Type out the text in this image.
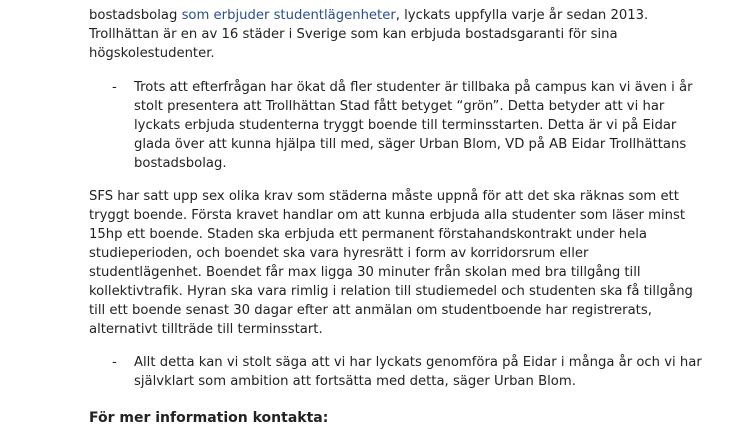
bostadsbolag som erbjuder studentlägenheter, lyckats uppfylla varje år sedan 2013.
Trollhättan är en av 16 städer i Sverige som kan erbjuda bostadsgaranti för sina
högskolestudenter.
- Trots att efterfrågan har ökat då fler studenter är tillbaka på campus kan vi även i år
stolt presentera att Trollhättan Stad fått betyget “grön”. Detta betyder att vi har
lyckats erbjuda studenterna tryggt boende till terminsstarten. Detta är vi på Eidar
glada över att kunna hjälpa till med, säger Urban Blom, VD på AB Eidar Trollhättans
bostadsbolag.
SFS har satt upp sex olika krav som städerna måste uppnå för att det ska räknas som ett
tryggt boende. Första kravet handlar om att kunna erbjuda alla studenter som läser minst
15hp ett boende. Staden ska erbjuda ett permanent förstahandskontrakt under hela
studieperioden, och boendet ska vara hyresrätt i form av korridorsrum eller
studentlägenhet. Boendet får max ligga 30 minuter från skolan med bra tillgång till
kollektivtrafik. Hyran ska vara rimlig i relation till studiemedel och studenten ska få tillgång
till ett boende senast 30 dagar efter att anmälan om studentboende har registrerats,
alternativt tillträde till terminsstart.
- Allt detta kan vi stolt säga att vi har lyckats genomföra på Eidar i många år och vi har
självklart som ambition att fortsätta med detta, säger Urban Blom.
För mer information kontakta:
